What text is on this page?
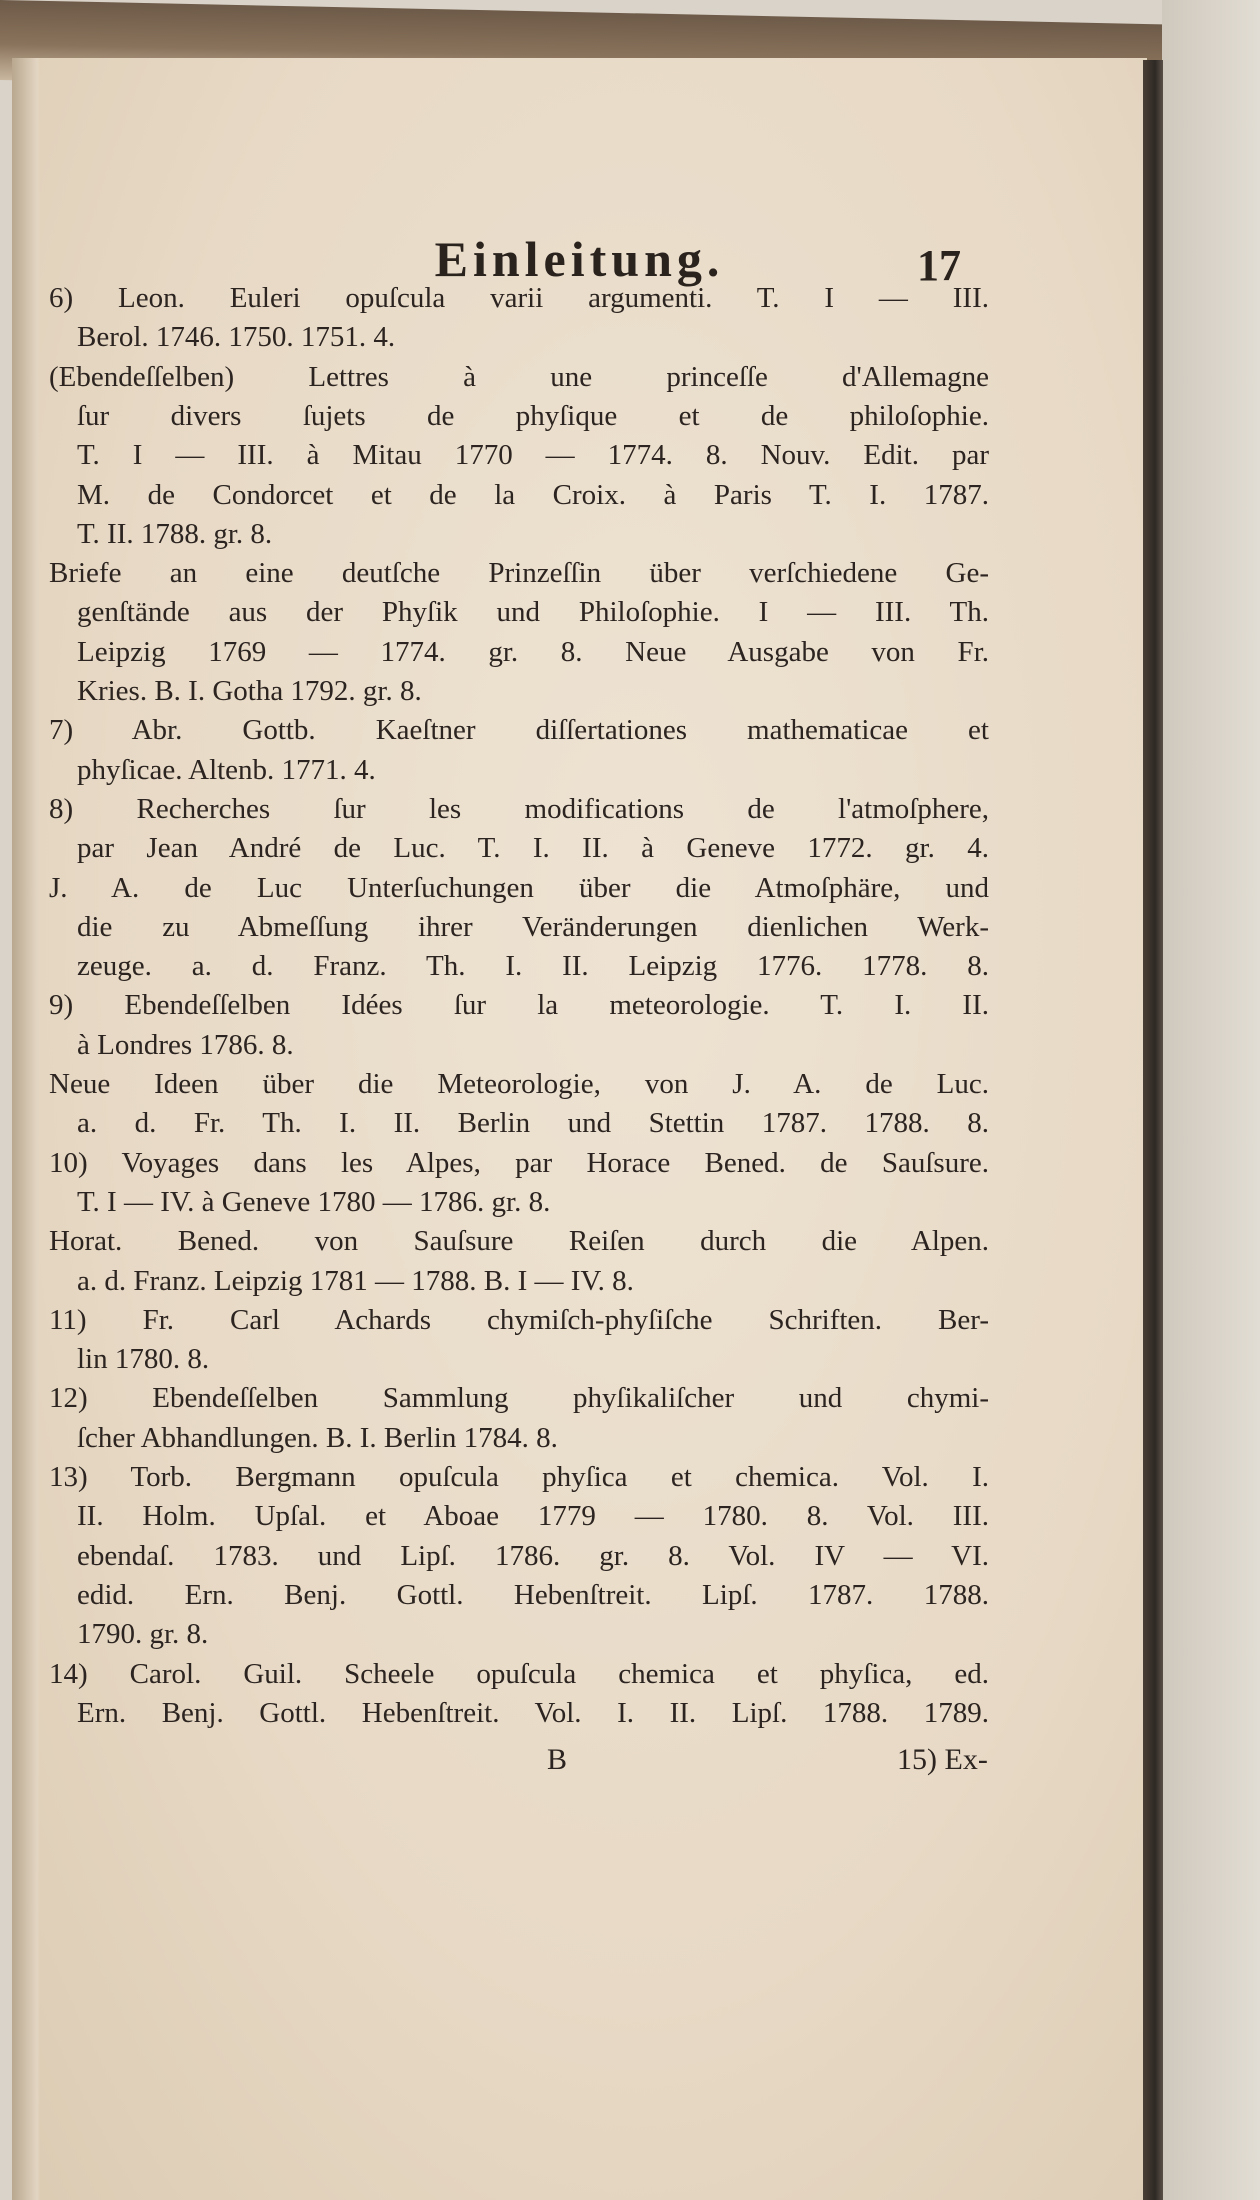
Einleitung.	17
6) Leon. Euleri opuſcula varii argumenti. T. I — III.
Berol. 1746. 1750. 1751. 4.
(Ebendeſſelben) Lettres à une princeſſe d'Allemagne
ſur divers ſujets de phyſique et de philoſophie.
T. I — III. à Mitau 1770 — 1774. 8. Nouv. Edit. par
M. de Condorcet et de la Croix. à Paris T. I. 1787.
T. II. 1788. gr. 8.
Briefe an eine deutſche Prinzeſſin über verſchiedene Ge-
genſtände aus der Phyſik und Philoſophie. I — III. Th.
Leipzig 1769 — 1774. gr. 8. Neue Ausgabe von Fr.
Kries. B. I. Gotha 1792. gr. 8.
7) Abr. Gottb. Kaeſtner diſſertationes mathematicae et
phyſicae. Altenb. 1771. 4.
8) Recherches ſur les modifications de l'atmoſphere,
par Jean André de Luc. T. I. II. à Geneve 1772. gr. 4.
J. A. de Luc Unterſuchungen über die Atmoſphäre, und
die zu Abmeſſung ihrer Veränderungen dienlichen Werk-
zeuge. a. d. Franz. Th. I. II. Leipzig 1776. 1778. 8.
9) Ebendeſſelben Idées ſur la meteorologie. T. I. II.
à Londres 1786. 8.
Neue Ideen über die Meteorologie, von J. A. de Luc.
a. d. Fr. Th. I. II. Berlin und Stettin 1787. 1788. 8.
10) Voyages dans les Alpes, par Horace Bened. de Sauſsure.
T. I — IV. à Geneve 1780 — 1786. gr. 8.
Horat. Bened. von Sauſsure Reiſen durch die Alpen.
a. d. Franz. Leipzig 1781 — 1788. B. I — IV. 8.
11) Fr. Carl Achards chymiſch-phyſiſche Schriften. Ber-
lin 1780. 8.
12) Ebendeſſelben Sammlung phyſikaliſcher und chymi-
ſcher Abhandlungen. B. I. Berlin 1784. 8.
13) Torb. Bergmann opuſcula phyſica et chemica. Vol. I.
II. Holm. Upſal. et Aboae 1779 — 1780. 8. Vol. III.
ebendaſ. 1783. und Lipſ. 1786. gr. 8. Vol. IV — VI.
edid. Ern. Benj. Gottl. Hebenſtreit. Lipſ. 1787. 1788.
1790. gr. 8.
14) Carol. Guil. Scheele opuſcula chemica et phyſica, ed.
Ern. Benj. Gottl. Hebenſtreit. Vol. I. II. Lipſ. 1788. 1789.
B	15) Ex-
